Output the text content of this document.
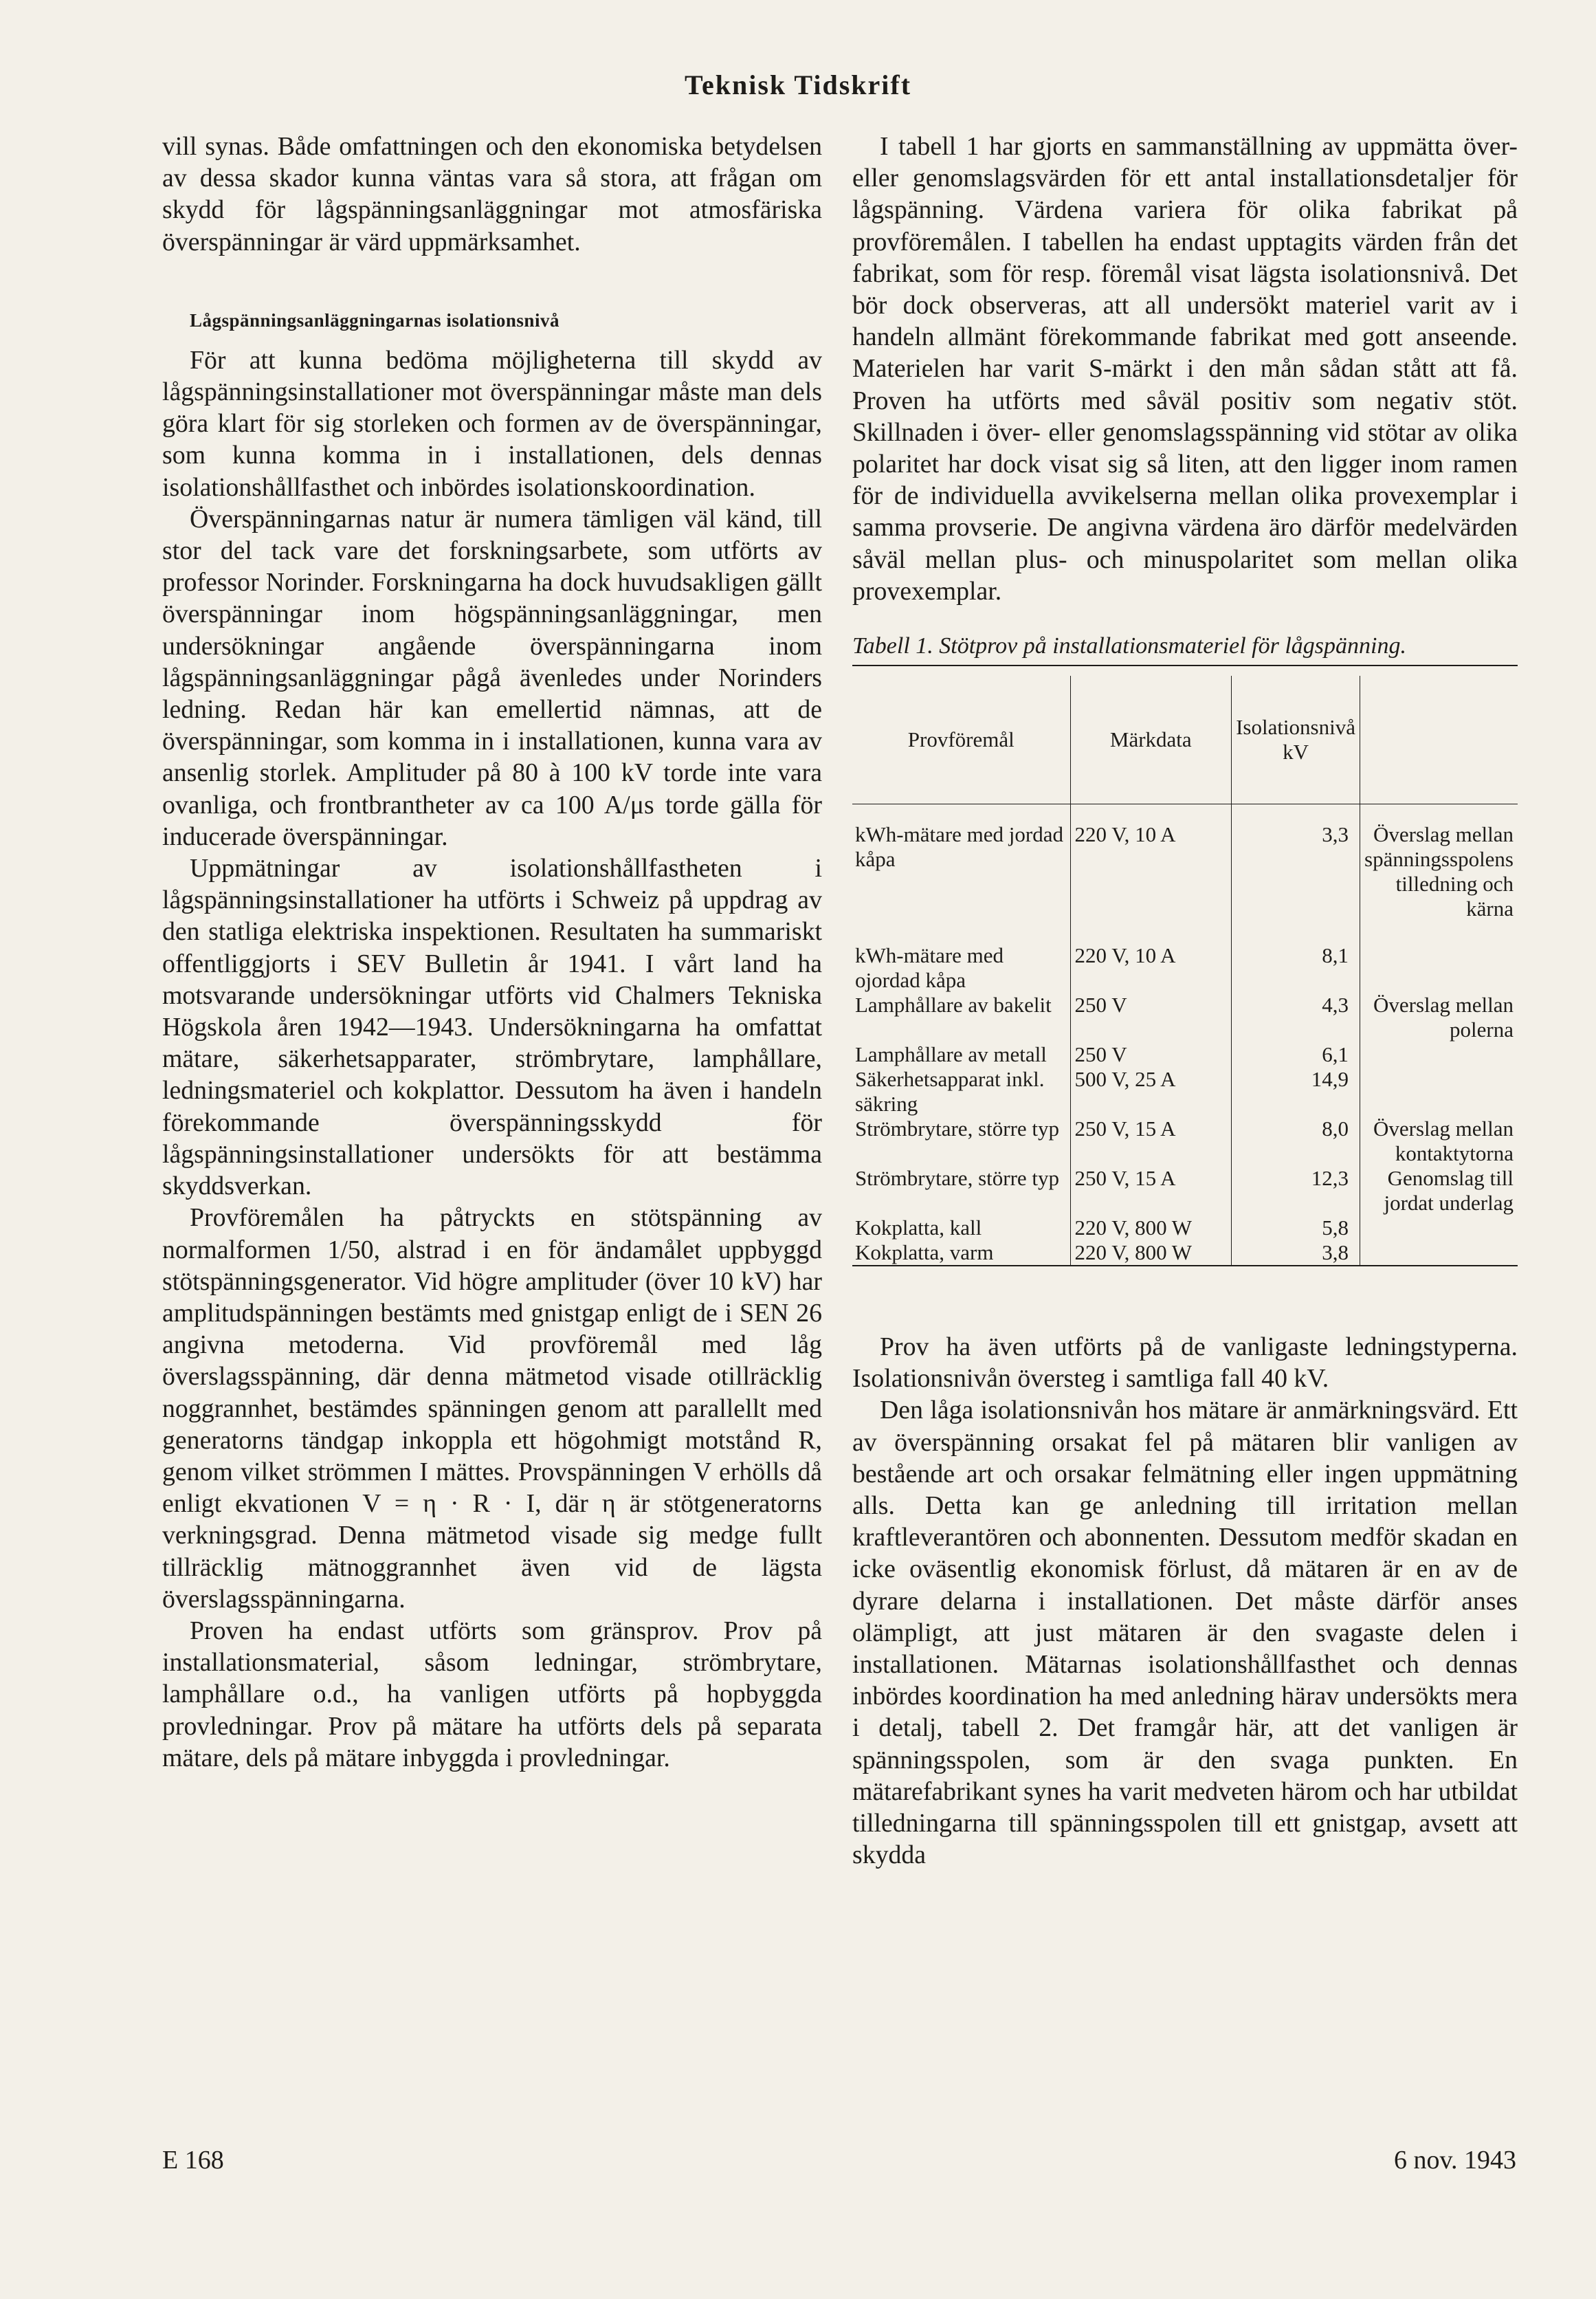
Teknisk Tidskrift

vill synas. Både omfattningen och den ekonomiska betydelsen av dessa skador kunna väntas vara så stora, att frågan om skydd för lågspänningsanläggningar mot atmosfäriska överspänningar är värd uppmärksamhet.

Lågspänningsanläggningarnas isolationsnivå

För att kunna bedöma möjligheterna till skydd av lågspänningsinstallationer mot överspänningar måste man dels göra klart för sig storleken och formen av de överspänningar, som kunna komma in i installationen, dels dennas isolationshållfasthet och inbördes isolationskoordination.

Överspänningarnas natur är numera tämligen väl känd, till stor del tack vare det forskningsarbete, som utförts av professor Norinder. Forskningarna ha dock huvudsakligen gällt överspänningar inom högspänningsanläggningar, men undersökningar angående överspänningarna inom lågspänningsanläggningar pågå ävenledes under Norinders ledning. Redan här kan emellertid nämnas, att de överspänningar, som komma in i installationen, kunna vara av ansenlig storlek. Amplituder på 80 à 100 kV torde inte vara ovanliga, och frontbrantheter av ca 100 A/μs torde gälla för inducerade överspänningar.

Uppmätningar av isolationshållfastheten i lågspänningsinstallationer ha utförts i Schweiz på uppdrag av den statliga elektriska inspektionen. Resultaten ha summariskt offentliggjorts i SEV Bulletin år 1941. I vårt land ha motsvarande undersökningar utförts vid Chalmers Tekniska Högskola åren 1942—1943. Undersökningarna ha omfattat mätare, säkerhetsapparater, strömbrytare, lamphållare, ledningsmateriel och kokplattor. Dessutom ha även i handeln förekommande överspänningsskydd för lågspänningsinstallationer undersökts för att bestämma skyddsverkan.

Provföremålen ha påtryckts en stötspänning av normalformen 1/50, alstrad i en för ändamålet uppbyggd stötspänningsgenerator. Vid högre amplituder (över 10 kV) har amplitudspänningen bestämts med gnistgap enligt de i SEN 26 angivna metoderna. Vid provföremål med låg överslagsspänning, där denna mätmetod visade otillräcklig noggrannhet, bestämdes spänningen genom att parallellt med generatorns tändgap inkoppla ett högohmigt motstånd R, genom vilket strömmen I mättes. Provspänningen V erhölls då enligt ekvationen V = η · R · I, där η är stötgeneratorns verkningsgrad. Denna mätmetod visade sig medge fullt tillräcklig mätnoggrannhet även vid de lägsta överslagsspänningarna.

Proven ha endast utförts som gränsprov. Prov på installationsmaterial, såsom ledningar, strömbrytare, lamphållare o.d., ha vanligen utförts på hopbyggda provledningar. Prov på mätare ha utförts dels på separata mätare, dels på mätare inbyggda i provledningar.

I tabell 1 har gjorts en sammanställning av uppmätta över- eller genomslagsvärden för ett antal installationsdetaljer för lågspänning. Värdena variera för olika fabrikat på provföremålen. I tabellen ha endast upptagits värden från det fabrikat, som för resp. föremål visat lägsta isolationsnivå. Det bör dock observeras, att all undersökt materiel varit av i handeln allmänt förekommande fabrikat med gott anseende. Materielen har varit S-märkt i den mån sådan stått att få. Proven ha utförts med såväl positiv som negativ stöt. Skillnaden i över- eller genomslagsspänning vid stötar av olika polaritet har dock visat sig så liten, att den ligger inom ramen för de individuella avvikelserna mellan olika provexemplar i samma provserie. De angivna värdena äro därför medelvärden såväl mellan plus- och minuspolaritet som mellan olika provexemplar.

Tabell 1. Stötprov på installationsmateriel för lågspänning.
Provföremål	Märkdata	Isolationsnivå kV	
kWh-mätare med jordad kåpa	220 V, 10 A	3,3	Överslag mellan spänningsspolens tilledning och kärna
kWh-mätare med ojordad kåpa	220 V, 10 A	8,1	
Lamphållare av bakelit	250 V	4,3	Överslag mellan polerna
Lamphållare av metall	250 V	6,1	
Säkerhetsapparat inkl. säkring	500 V, 25 A	14,9	
Strömbrytare, större typ	250 V, 15 A	8,0	Överslag mellan kontaktytorna
Strömbrytare, större typ	250 V, 15 A	12,3	Genomslag till jordat underlag
Kokplatta, kall	220 V, 800 W	5,8	
Kokplatta, varm	220 V, 800 W	3,8	

Prov ha även utförts på de vanligaste ledningstyperna. Isolationsnivån översteg i samtliga fall 40 kV.

Den låga isolationsnivån hos mätare är anmärkningsvärd. Ett av överspänning orsakat fel på mätaren blir vanligen av bestående art och orsakar felmätning eller ingen uppmätning alls. Detta kan ge anledning till irritation mellan kraftleverantören och abonnenten. Dessutom medför skadan en icke oväsentlig ekonomisk förlust, då mätaren är en av de dyrare delarna i installationen. Det måste därför anses olämpligt, att just mätaren är den svagaste delen i installationen. Mätarnas isolationshållfasthet och dennas inbördes koordination ha med anledning härav undersökts mera i detalj, tabell 2. Det framgår här, att det vanligen är spänningsspolen, som är den svaga punkten. En mätarefabrikant synes ha varit medveten härom och har utbildat tilledningarna till spänningsspolen till ett gnistgap, avsett att skydda

E 168	6 nov. 1943
